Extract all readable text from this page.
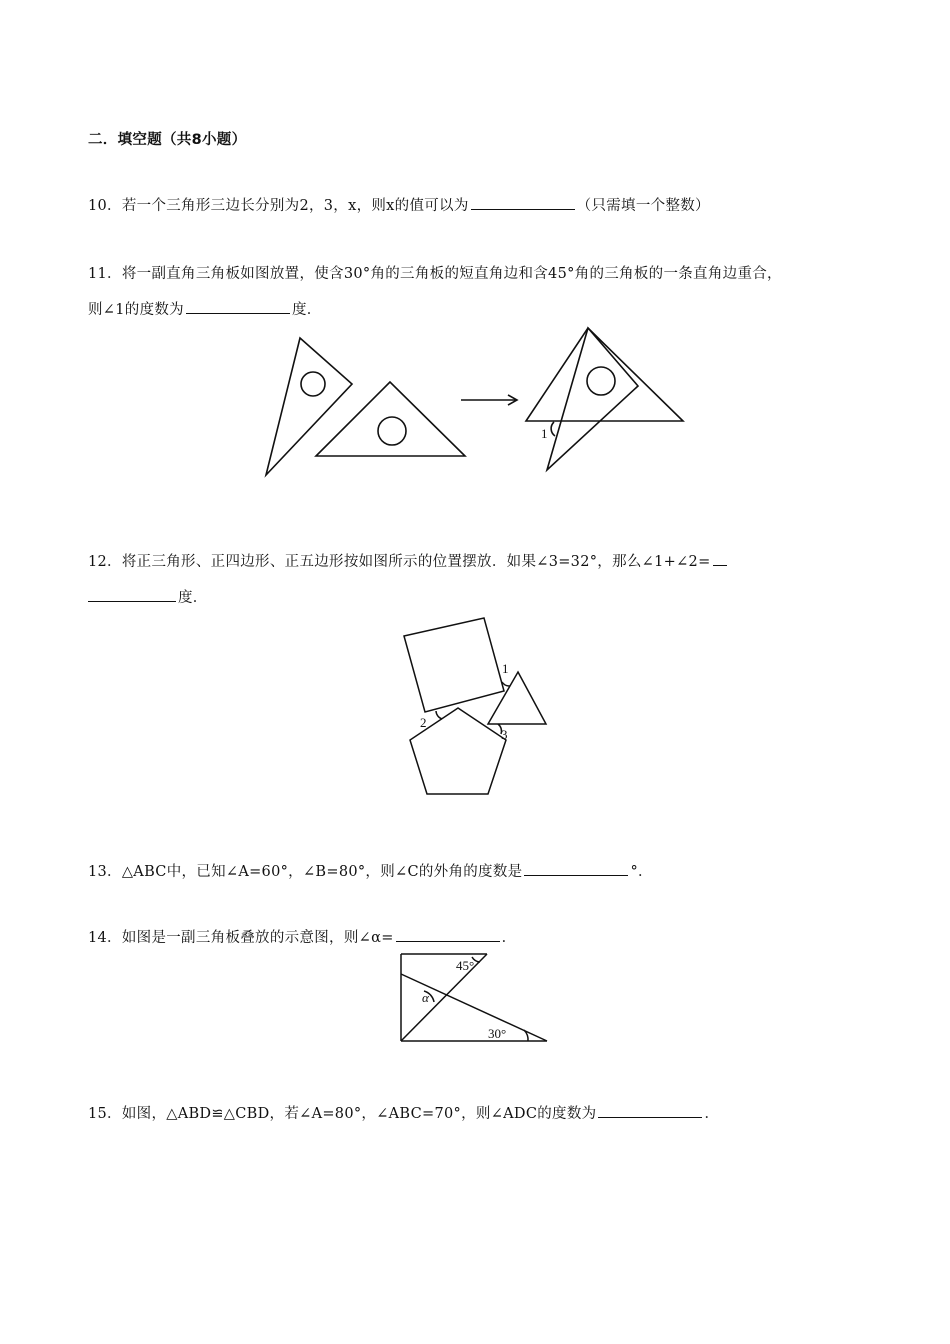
二．填空题（共8小题）
10．若一个三角形三边长分别为2，3，x，则x的值可以为	（只需填一个整数）
11．将一副直角三角板如图放置，使含30°角的三角板的短直角边和含45°角的三角板的一条直角边重合，
则∠1的度数为	度．
1
12．将正三角形、正四边形、正五边形按如图所示的位置摆放．如果∠3=32°，那么∠1+∠2=
度．
1
2
3
13．△ABC中，已知∠A=60°，∠B=80°，则∠C的外角的度数是	°．
14．如图是一副三角板叠放的示意图，则∠α=	．
45°
α
30°
15．如图，△ABD≌△CBD，若∠A=80°，∠ABC=70°，则∠ADC的度数为	．
